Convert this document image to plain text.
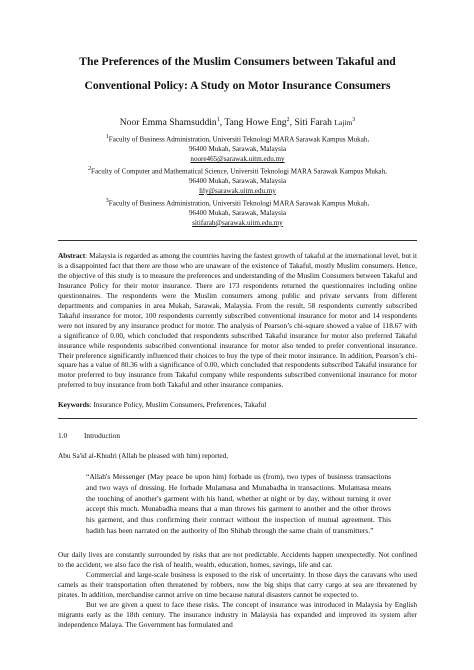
The Preferences of the Muslim Consumers between Takaful and
Conventional Policy: A Study on Motor Insurance Consumers
Noor Emma Shamsuddin$^1$, Tang Howe Eng$^2$, Siti Farah Lajim$^3$
$^1$Faculty of Business Administration, Universiti Teknologi MARA Sarawak Kampus Mukah,
96400 Mukah, Sarawak, Malaysia
noore465@sarawak.uitm.edu.my
$^2$Faculty of Computer and Mathematical Science, Universiti Teknologi MARA Sarawak Kampus Mukah,
96400 Mukah, Sarawak, Malaysia
lily@sarawak.uitm.edu.my
$^3$Faculty of Business Administration, Universiti Teknologi MARA Sarawak Kampus Mukah,
96400 Mukah, Sarawak, Malaysia
sitifarah@sarawak.uitm.edu.my
Abstract: Malaysia is regarded as among the countries having the fastest growth of takaful at the international level, but it is a disappointed fact that there are those who are unaware of the existence of Takaful, mostly Muslim consumers. Hence, the objective of this study is to measure the preferences and understanding of the Muslim Consumers between Takaful and Insurance Policy for their motor insurance. There are 173 respondents returned the questionnaires including online questionnaires. The respondents were the Muslim consumers among public and private servants from different departments and companies in area Mukah, Sarawak, Malaysia. From the result, 58 respondents currently subscribed Takaful insurance for motor, 100 respondents currently subscribed conventional insurance for motor and 14 respondents were not insured by any insurance product for motor. The analysis of Pearson’s chi-square showed a value of 118.67 with a significance of 0.00, which concluded that respondents subscribed Takaful insurance for motor also preferred Takaful insurance while respondents subscribed conventional insurance for motor also tended to prefer conventional insurance. Their preference significantly influenced their choices to buy the type of their motor insurance. In addition, Pearson’s chi-square has a value of 80.36 with a significance of 0.00, which concluded that respondents subscribed Takaful insurance for motor preferred to buy insurance from Takaful company while respondents subscribed conventional insurance for motor preferred to buy insurance from both Takaful and other insurance companies.
Keywords: Insurance Policy, Muslim Consumers, Preferences, Takaful
1.0	Introduction
Abu Sa'id al-Khudri (Allah be pleased with him) reported,
“Allah's Messenger (May peace be upon him) forbade us (from), two types of business transactions and two ways of dressing. He forbade Mulamasa and Munabadha in transactions. Mulamasa means the touching of another's garment with his hand, whether at night or by day, without turning it over accept this much. Munabadha means that a man throws his garment to another and the other throws his garment, and thus confirming their contract without the inspection of mutual agreement. This hadith has been narrated on the authority of Ibn Shihab through the same chain of transmitters.”
Our daily lives are constantly surrounded by risks that are not predictable. Accidents happen unexpectedly. Not confined to the accident, we also face the risk of health, wealth, education, homes, savings, life and car.
Commercial and large-scale business is exposed to the risk of uncertainty. In those days the caravans who used camels as their transportation often threatened by robbers, now the big ships that carry cargo at sea are threatened by pirates. In addition, merchandise cannot arrive on time because natural disasters cannot be expected to.
But we are given a quest to face these risks. The concept of insurance was introduced in Malaysia by English migrants early as the 18th century. The insurance industry in Malaysia has expanded and improved its system after independence Malaya. The Government has formulated and
